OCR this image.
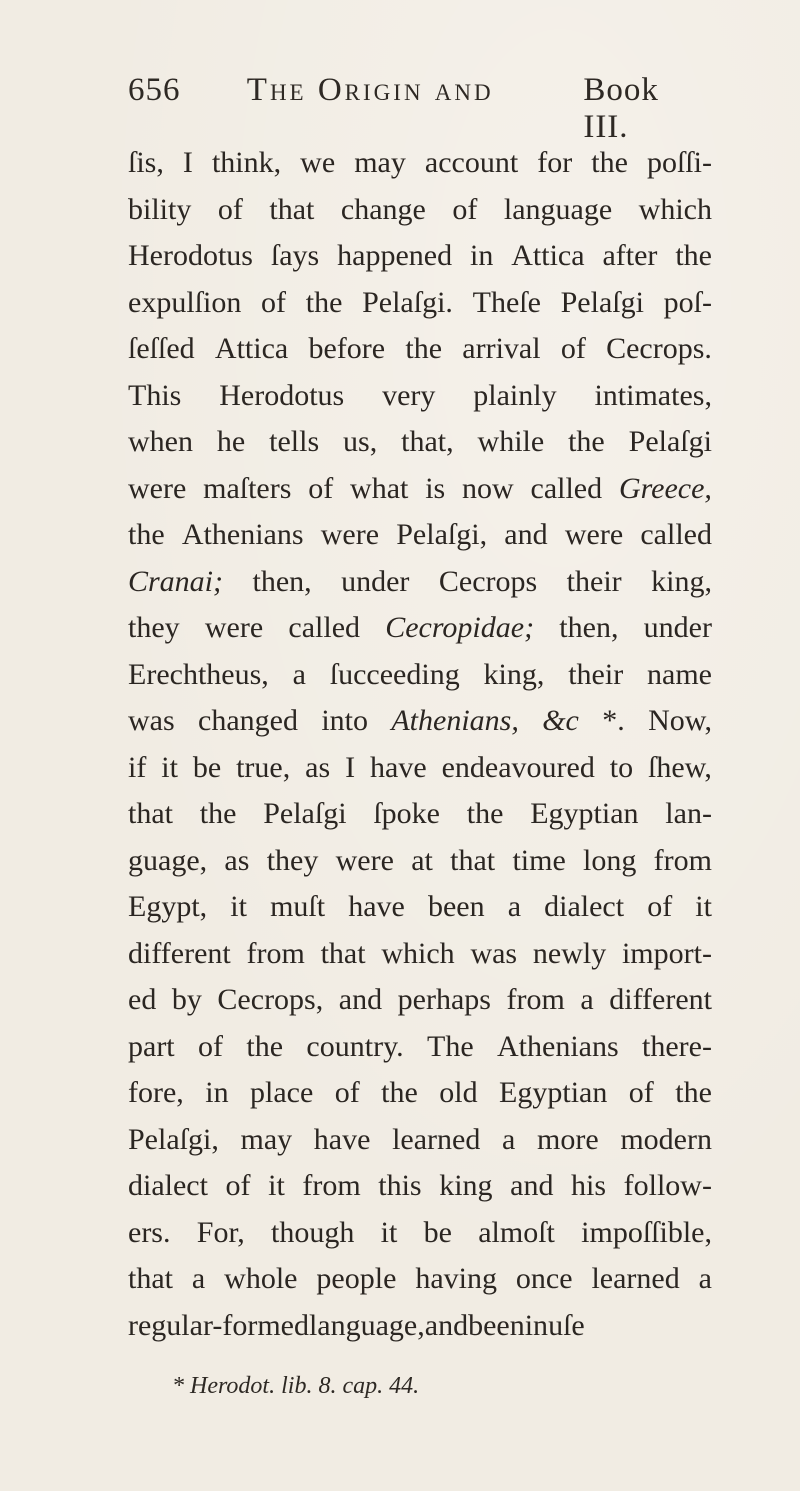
656	The Origin and	Book III.
ſis, I think, we may account for the poſſi-
bility of that change of language which
Herodotus ſays happened in Attica after the
expulſion of the Pelaſgi. Theſe Pelaſgi poſ-
ſeſſed Attica before the arrival of Cecrops.
This Herodotus very plainly intimates,
when he tells us, that, while the Pelaſgi
were maſters of what is now called Greece,
the Athenians were Pelaſgi, and were called
Cranai; then, under Cecrops their king,
they were called Cecropidae; then, under
Erechtheus, a ſucceeding king, their name
was changed into Athenians, &c *. Now,
if it be true, as I have endeavoured to ſhew,
that the Pelaſgi ſpoke the Egyptian lan-
guage, as they were at that time long from
Egypt, it muſt have been a dialect of it
different from that which was newly import-
ed by Cecrops, and perhaps from a different
part of the country. The Athenians there-
fore, in place of the old Egyptian of the
Pelaſgi, may have learned a more modern
dialect of it from this king and his follow-
ers. For, though it be almoſt impoſſible,
that a whole people having once learned a
regular-formed language, and been in uſe
* Herodot. lib. 8. cap. 44.
